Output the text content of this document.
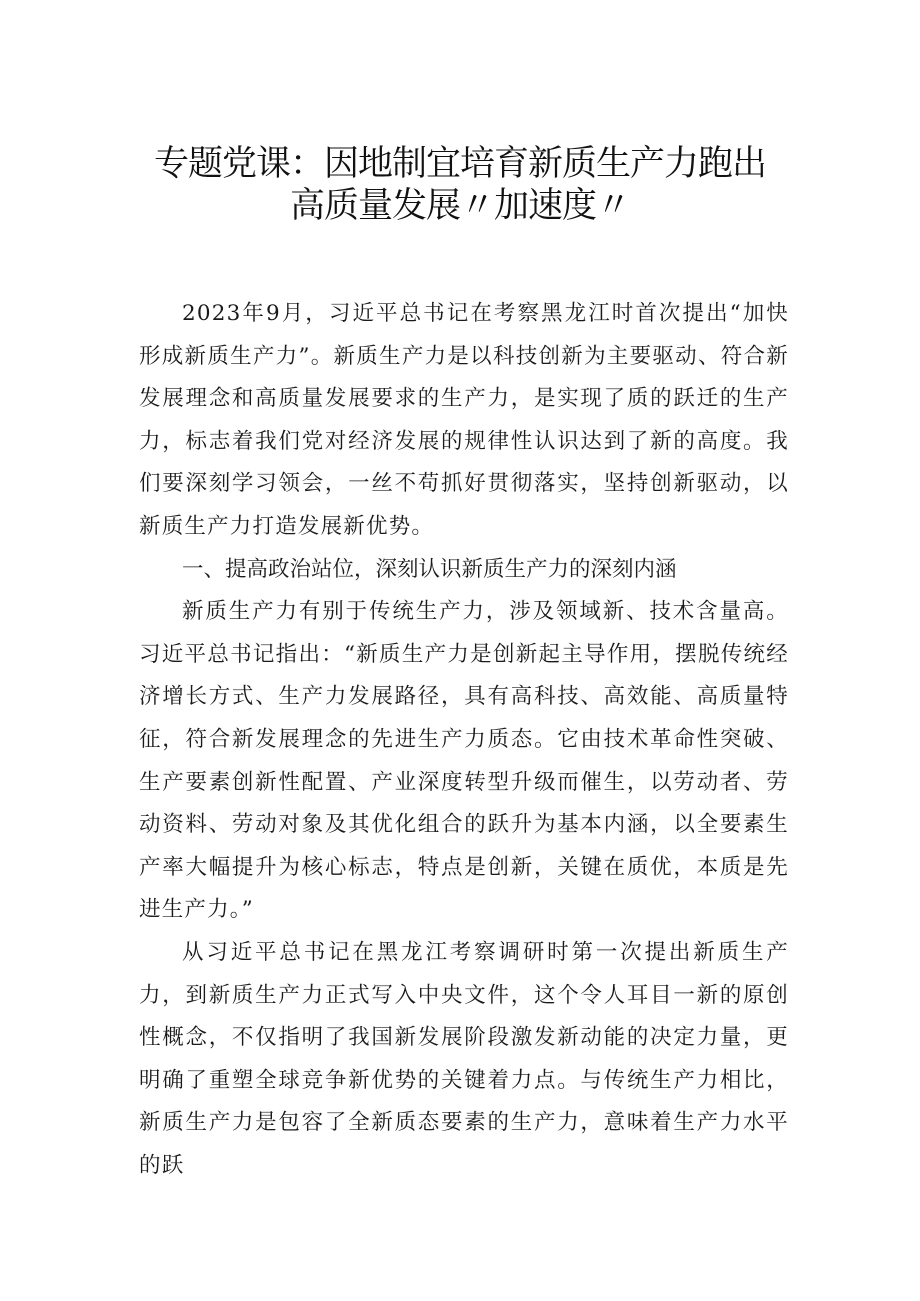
专题党课：因地制宜培育新质生产力跑出
高质量发展〃加速度〃

2023年9月，习近平总书记在考察黑龙江时首次提出“加快形成新质生产力”。新质生产力是以科技创新为主要驱动、符合新发展理念和高质量发展要求的生产力，是实现了质的跃迁的生产力，标志着我们党对经济发展的规律性认识达到了新的高度。我们要深刻学习领会，一丝不苟抓好贯彻落实，坚持创新驱动，以新质生产力打造发展新优势。

一、提高政治站位，深刻认识新质生产力的深刻内涵

新质生产力有别于传统生产力，涉及领域新、技术含量高。习近平总书记指出：“新质生产力是创新起主导作用，摆脱传统经济增长方式、生产力发展路径，具有高科技、高效能、高质量特征，符合新发展理念的先进生产力质态。它由技术革命性突破、生产要素创新性配置、产业深度转型升级而催生，以劳动者、劳动资料、劳动对象及其优化组合的跃升为基本内涵，以全要素生产率大幅提升为核心标志，特点是创新，关键在质优，本质是先进生产力。”

从习近平总书记在黑龙江考察调研时第一次提出新质生产力，到新质生产力正式写入中央文件，这个令人耳目一新的原创性概念，不仅指明了我国新发展阶段激发新动能的决定力量，更明确了重塑全球竞争新优势的关键着力点。与传统生产力相比，新质生产力是包容了全新质态要素的生产力，意味着生产力水平的跃
